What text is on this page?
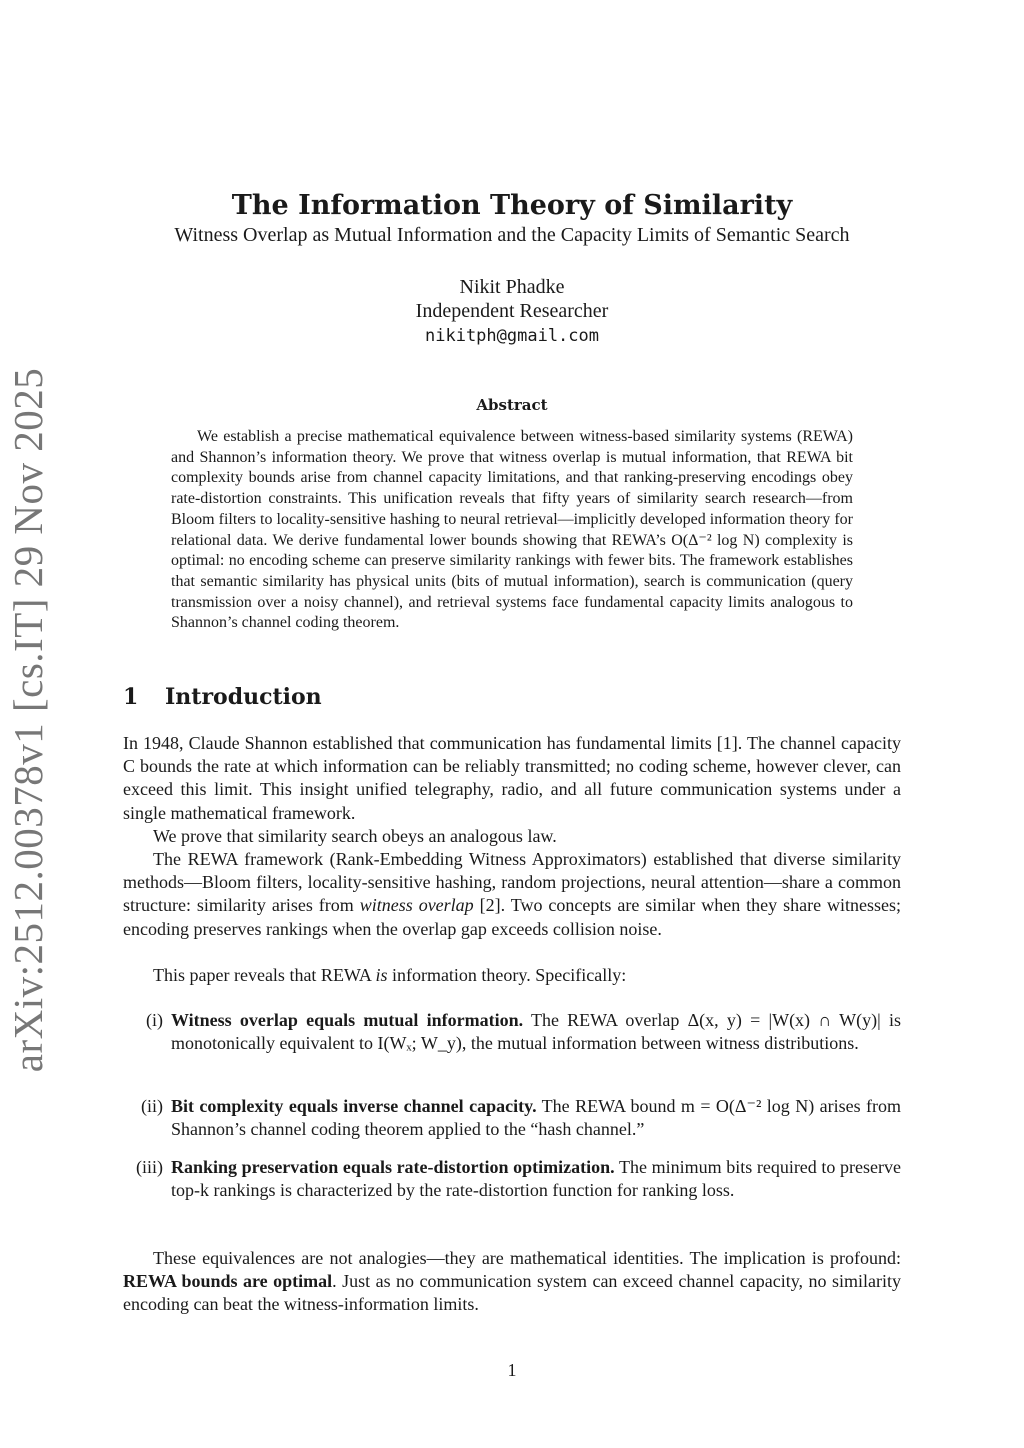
arXiv:2512.00378v1 [cs.IT] 29 Nov 2025
The Information Theory of Similarity
Witness Overlap as Mutual Information and the Capacity Limits of Semantic Search
Nikit Phadke
Independent Researcher
nikitph@gmail.com
Abstract

We establish a precise mathematical equivalence between witness-based similarity systems (REWA) and Shannon’s information theory. We prove that witness overlap is mutual information, that REWA bit complexity bounds arise from channel capacity limitations, and that ranking-preserving encodings obey rate-distortion constraints. This unification reveals that fifty years of similarity search research—from Bloom filters to locality-sensitive hashing to neural retrieval—implicitly developed information theory for relational data. We derive fundamental lower bounds showing that REWA’s O(Δ⁻² log N) complexity is optimal: no encoding scheme can preserve similarity rankings with fewer bits. The framework establishes that semantic similarity has physical units (bits of mutual information), search is communication (query transmission over a noisy channel), and retrieval systems face fundamental capacity limits analogous to Shannon’s channel coding theorem.

1 Introduction

In 1948, Claude Shannon established that communication has fundamental limits [1]. The channel capacity C bounds the rate at which information can be reliably transmitted; no coding scheme, however clever, can exceed this limit. This insight unified telegraphy, radio, and all future communication systems under a single mathematical framework.

We prove that similarity search obeys an analogous law.

The REWA framework (Rank-Embedding Witness Approximators) established that diverse similarity methods—Bloom filters, locality-sensitive hashing, random projections, neural attention—share a common structure: similarity arises from witness overlap [2]. Two concepts are similar when they share witnesses; encoding preserves rankings when the overlap gap exceeds collision noise.

This paper reveals that REWA is information theory. Specifically:

(i) Witness overlap equals mutual information. The REWA overlap Δ(x, y) = |W(x) ∩ W(y)| is monotonically equivalent to I(Wₓ; W_y), the mutual information between witness distributions.

(ii) Bit complexity equals inverse channel capacity. The REWA bound m = O(Δ⁻² log N) arises from Shannon’s channel coding theorem applied to the “hash channel.”

(iii) Ranking preservation equals rate-distortion optimization. The minimum bits required to preserve top-k rankings is characterized by the rate-distortion function for ranking loss.

These equivalences are not analogies—they are mathematical identities. The implication is profound: REWA bounds are optimal. Just as no communication system can exceed channel capacity, no similarity encoding can beat the witness-information limits.

1
